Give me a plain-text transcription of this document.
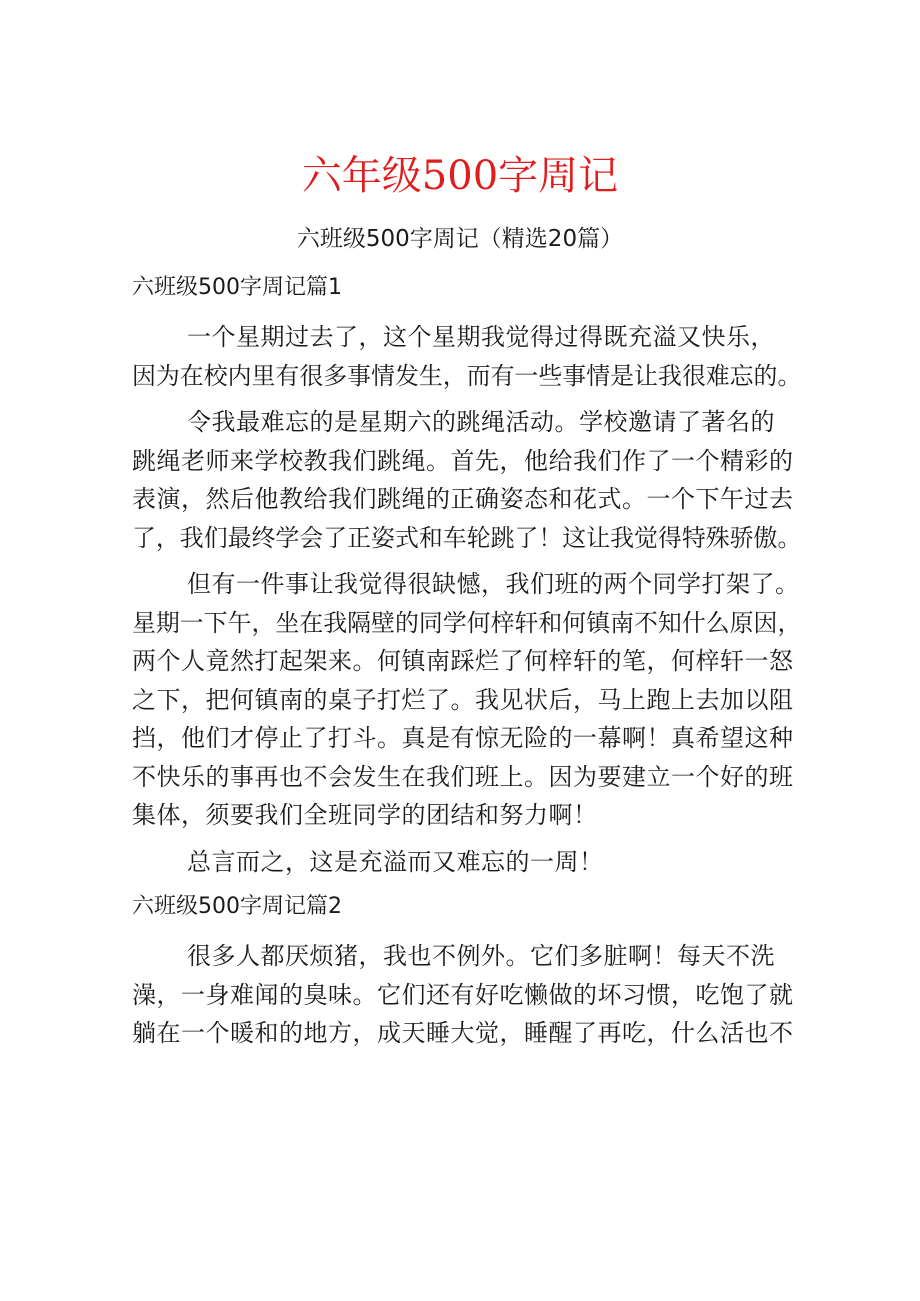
六年级500字周记
六班级500字周记（精选20篇）
六班级500字周记篇1

一个星期过去了，这个星期我觉得过得既充溢又快乐，
因为在校内里有很多事情发生，而有一些事情是让我很难忘的。

令我最难忘的是星期六的跳绳活动。学校邀请了著名的
跳绳老师来学校教我们跳绳。首先，他给我们作了一个精彩的
表演，然后他教给我们跳绳的正确姿态和花式。一个下午过去
了，我们最终学会了正姿式和车轮跳了！这让我觉得特殊骄傲。

但有一件事让我觉得很缺憾，我们班的两个同学打架了。
星期一下午，坐在我隔壁的同学何梓轩和何镇南不知什么原因，
两个人竟然打起架来。何镇南踩烂了何梓轩的笔，何梓轩一怒
之下，把何镇南的桌子打烂了。我见状后，马上跑上去加以阻
挡，他们才停止了打斗。真是有惊无险的一幕啊！真希望这种
不快乐的事再也不会发生在我们班上。因为要建立一个好的班
集体，须要我们全班同学的团结和努力啊！

总言而之，这是充溢而又难忘的一周！

六班级500字周记篇2

很多人都厌烦猪，我也不例外。它们多脏啊！每天不洗
澡，一身难闻的臭味。它们还有好吃懒做的坏习惯，吃饱了就
躺在一个暖和的地方，成天睡大觉，睡醒了再吃，什么活也不
